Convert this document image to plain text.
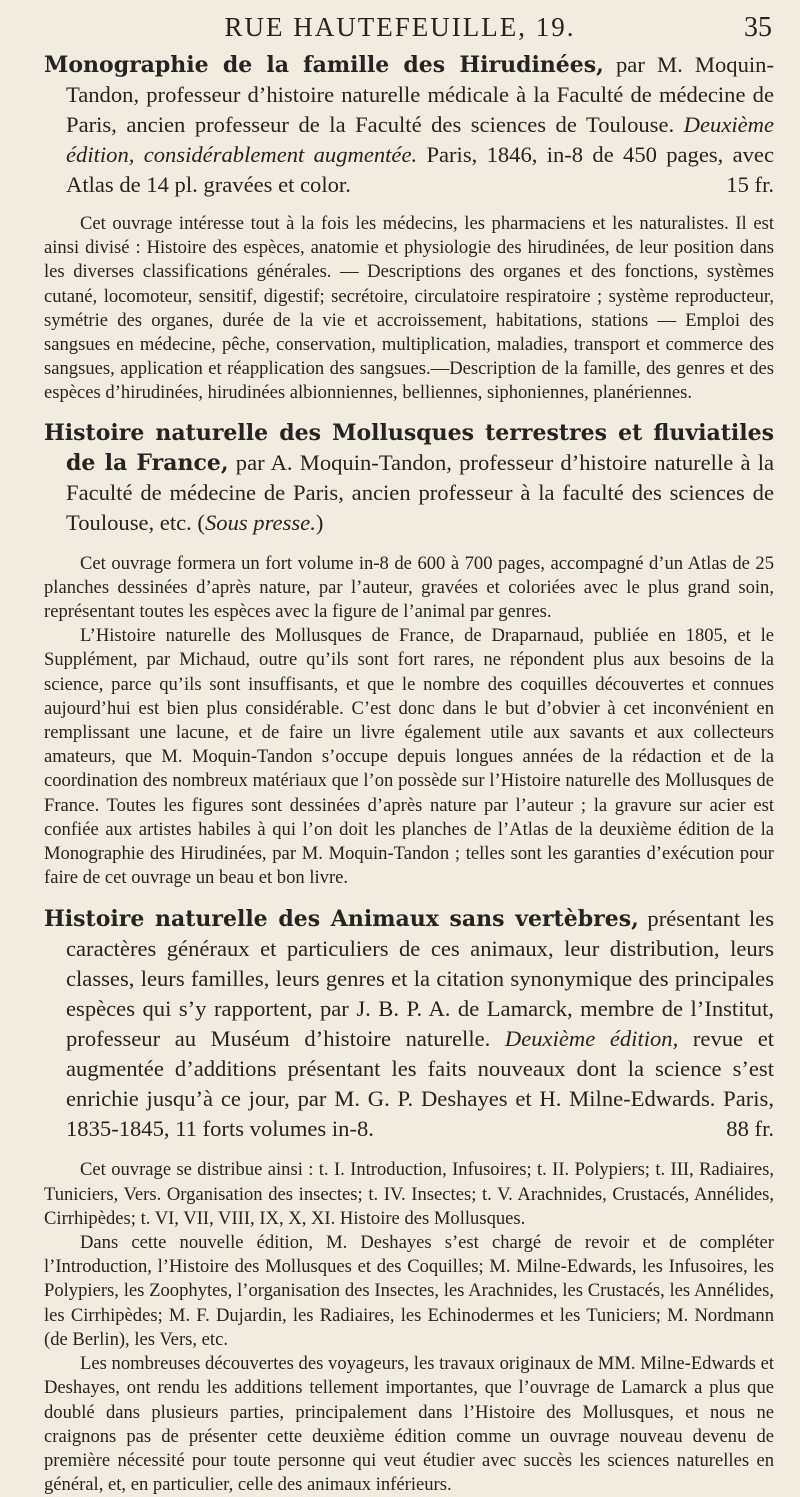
RUE HAUTEFEUILLE, 19.	35

Monographie de la famille des Hirudinées, par M. Moquin-Tandon, professeur d’histoire naturelle médicale à la Faculté de médecine de Paris, ancien professeur de la Faculté des sciences de Toulouse. Deuxième édition, considérablement augmentée. Paris, 1846, in-8 de 450 pages, avec Atlas de 14 pl. gravées et color.	15 fr.

Cet ouvrage intéresse tout à la fois les médecins, les pharmaciens et les naturalistes. Il est ainsi divisé : Histoire des espèces, anatomie et physiologie des hirudinées, de leur position dans les diverses classifications générales. — Descriptions des organes et des fonctions, systèmes cutané, locomoteur, sensitif, digestif; secrétoire, circulatoire respiratoire ; système reproducteur, symétrie des organes, durée de la vie et accroissement, habitations, stations — Emploi des sangsues en médecine, pêche, conservation, multiplication, maladies, transport et commerce des sangsues, application et réapplication des sangsues.—Description de la famille, des genres et des espèces d’hirudinées, hirudinées albionniennes, belliennes, siphoniennes, planériennes.

Histoire naturelle des Mollusques terrestres et fluviatiles de la France, par A. Moquin-Tandon, professeur d’histoire naturelle à la Faculté de médecine de Paris, ancien professeur à la faculté des sciences de Toulouse, etc. (Sous presse.)

Cet ouvrage formera un fort volume in-8 de 600 à 700 pages, accompagné d’un Atlas de 25 planches dessinées d’après nature, par l’auteur, gravées et coloriées avec le plus grand soin, représentant toutes les espèces avec la figure de l’animal par genres.

L’Histoire naturelle des Mollusques de France, de Draparnaud, publiée en 1805, et le Supplément, par Michaud, outre qu’ils sont fort rares, ne répondent plus aux besoins de la science, parce qu’ils sont insuffisants, et que le nombre des coquilles découvertes et connues aujourd’hui est bien plus considérable. C’est donc dans le but d’obvier à cet inconvénient en remplissant une lacune, et de faire un livre également utile aux savants et aux collecteurs amateurs, que M. Moquin-Tandon s’occupe depuis longues années de la rédaction et de la coordination des nombreux matériaux que l’on possède sur l’Histoire naturelle des Mollusques de France. Toutes les figures sont dessinées d’après nature par l’auteur ; la gravure sur acier est confiée aux artistes habiles à qui l’on doit les planches de l’Atlas de la deuxième édition de la Monographie des Hirudinées, par M. Moquin-Tandon ; telles sont les garanties d’exécution pour faire de cet ouvrage un beau et bon livre.

Histoire naturelle des Animaux sans vertèbres, présentant les caractères généraux et particuliers de ces animaux, leur distribution, leurs classes, leurs familles, leurs genres et la citation synonymique des principales espèces qui s’y rapportent, par J. B. P. A. de Lamarck, membre de l’Institut, professeur au Muséum d’histoire naturelle. Deuxième édition, revue et augmentée d’additions présentant les faits nouveaux dont la science s’est enrichie jusqu’à ce jour, par M. G. P. Deshayes et H. Milne-Edwards. Paris, 1835-1845, 11 forts volumes in-8.	88 fr.

Cet ouvrage se distribue ainsi : t. I. Introduction, Infusoires; t. II. Polypiers; t. III, Radiaires, Tuniciers, Vers. Organisation des insectes; t. IV. Insectes; t. V. Arachnides, Crustacés, Annélides, Cirrhipèdes; t. VI, VII, VIII, IX, X, XI. Histoire des Mollusques.

Dans cette nouvelle édition, M. Deshayes s’est chargé de revoir et de compléter l’Introduction, l’Histoire des Mollusques et des Coquilles; M. Milne-Edwards, les Infusoires, les Polypiers, les Zoophytes, l’organisation des Insectes, les Arachnides, les Crustacés, les Annélides, les Cirrhipèdes; M. F. Dujardin, les Radiaires, les Echinodermes et les Tuniciers; M. Nordmann (de Berlin), les Vers, etc.

Les nombreuses découvertes des voyageurs, les travaux originaux de MM. Milne-Edwards et Deshayes, ont rendu les additions tellement importantes, que l’ouvrage de Lamarck a plus que doublé dans plusieurs parties, principalement dans l’Histoire des Mollusques, et nous ne craignons pas de présenter cette deuxième édition comme un ouvrage nouveau devenu de première nécessité pour toute personne qui veut étudier avec succès les sciences naturelles en général, et, en particulier, celle des animaux inférieurs.
